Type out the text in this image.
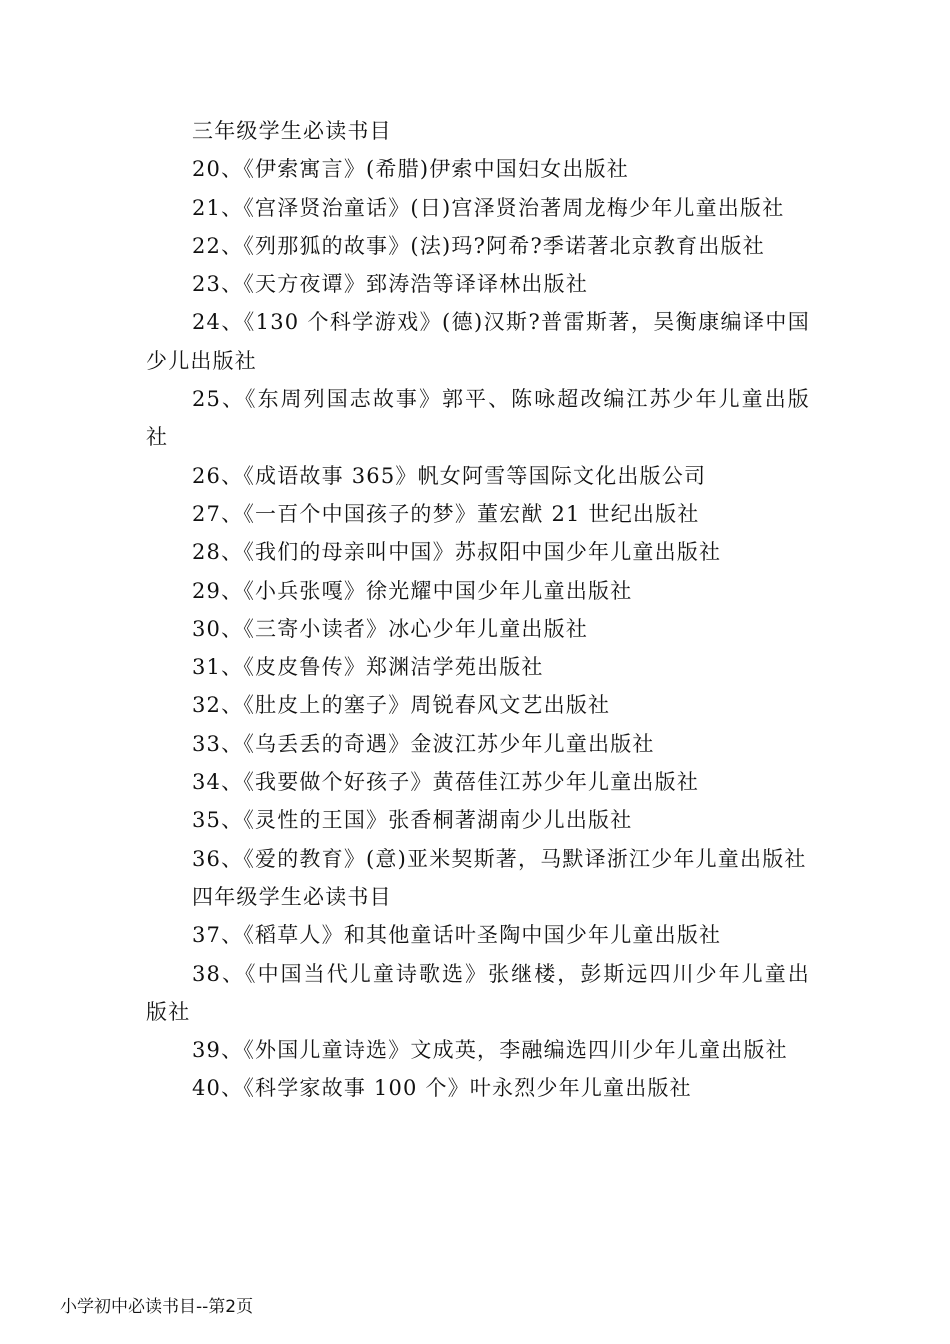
三年级学生必读书目

20、《伊索寓言》(希腊)伊索中国妇女出版社

21、《宫泽贤治童话》(日)宫泽贤治著周龙梅少年儿童出版社

22、《列那狐的故事》(法)玛?阿希?季诺著北京教育出版社

23、《天方夜谭》郅涛浩等译译林出版社

24、《130 个科学游戏》(德)汉斯?普雷斯著，吴衡康编译中国少儿出版社

25、《东周列国志故事》郭平、陈咏超改编江苏少年儿童出版社

26、《成语故事 365》帆女阿雪等国际文化出版公司

27、《一百个中国孩子的梦》董宏猷 21 世纪出版社

28、《我们的母亲叫中国》苏叔阳中国少年儿童出版社

29、《小兵张嘎》徐光耀中国少年儿童出版社

30、《三寄小读者》冰心少年儿童出版社

31、《皮皮鲁传》郑渊洁学苑出版社

32、《肚皮上的塞子》周锐春风文艺出版社

33、《乌丢丢的奇遇》金波江苏少年儿童出版社

34、《我要做个好孩子》黄蓓佳江苏少年儿童出版社

35、《灵性的王国》张香桐著湖南少儿出版社

36、《爱的教育》(意)亚米契斯著，马默译浙江少年儿童出版社

四年级学生必读书目

37、《稻草人》和其他童话叶圣陶中国少年儿童出版社

38、《中国当代儿童诗歌选》张继楼，彭斯远四川少年儿童出版社

39、《外国儿童诗选》文成英，李融编选四川少年儿童出版社

40、《科学家故事 100 个》叶永烈少年儿童出版社

小学初中必读书目--第2页
